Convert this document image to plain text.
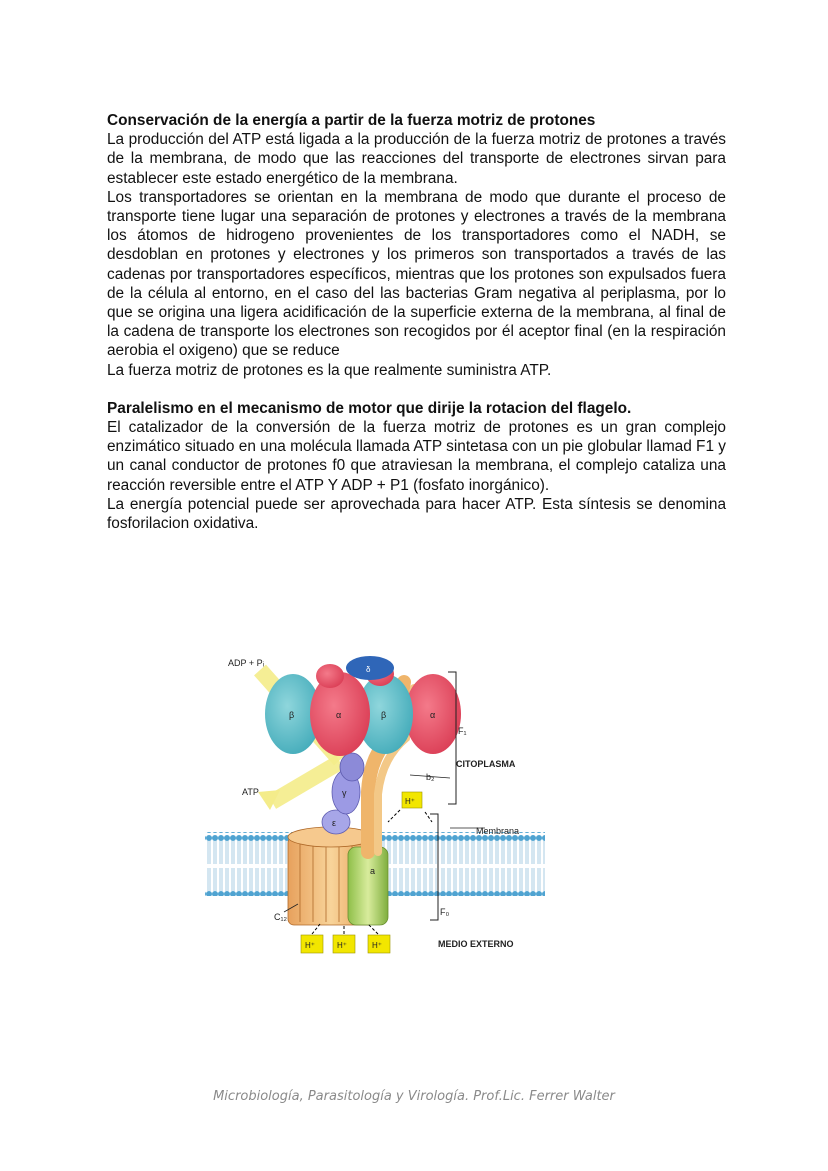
Conservación de la energía a partir de la fuerza motriz de protones

La producción del ATP está ligada a la producción de la fuerza motriz de protones a través de la membrana, de modo que las reacciones del transporte de electrones sirvan para establecer este estado energético de la membrana.

Los transportadores se orientan en la membrana de modo que durante el proceso de transporte tiene lugar una separación de protones y electrones a través de la membrana los átomos de hidrogeno provenientes de los transportadores como el NADH, se desdoblan en protones y electrones y los primeros son transportados a través de las cadenas por transportadores específicos, mientras que los protones son expulsados fuera de la célula al entorno, en el caso del las bacterias Gram negativa al periplasma, por lo que se origina una ligera acidificación de la superficie externa de la membrana, al final de la cadena de transporte los electrones son recogidos por él aceptor final (en la respiración aerobia el oxigeno) que se reduce

La fuerza motriz de protones es la que realmente suministra ATP.

Paralelismo en el mecanismo de motor que dirije la rotacion del flagelo.

El catalizador de la conversión de la fuerza motriz de protones es un gran complejo enzimático situado en una molécula llamada ATP sintetasa con un pie globular llamad F1 y un canal conductor de protones f0 que atraviesan la membrana, el complejo cataliza una reacción reversible entre el ATP Y ADP + P1 (fosfato inorgánico).

La energía potencial puede ser aprovechada para hacer ATP. Esta síntesis se denomina fosforilacion oxidativa.

ADP + Pᵢ
ATP
F₁
F₀
CITOPLASMA
Membrana
MEDIO EXTERNO
b₂
C₁₂
a
γ
ε
δ
α	α
β	β
H⁺
H⁺	H⁺	H⁺
Microbiología, Parasitología y Virología. Prof.Lic. Ferrer Walter
